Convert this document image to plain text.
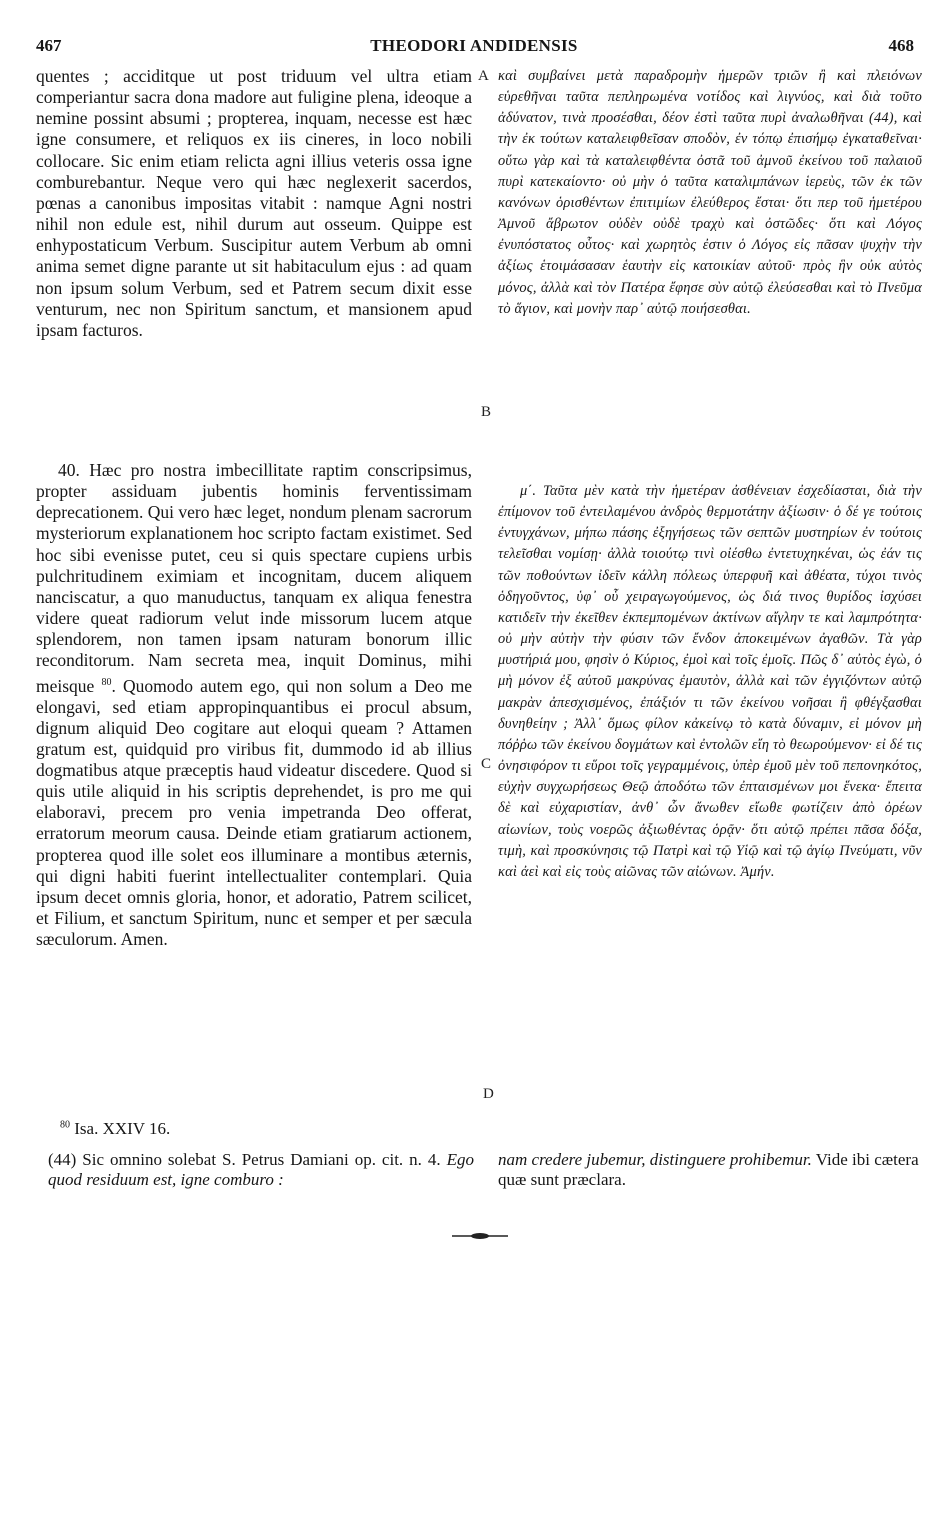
467	THEODORI ANDIDENSIS	468

quentes ; acciditque ut post triduum vel ultra etiam comperiantur sacra dona madore aut fuligine plena, ideoque a nemine possint absumi ; propterea, inquam, necesse est hæc igne consumere, et reliquos ex iis cineres, in loco nobili collocare. Sic enim etiam relicta agni illius veteris ossa igne comburebantur. Neque vero qui hæc neglexerit sacerdos, pœnas a canonibus impositas vitabit : namque Agni nostri nihil non edule est, nihil durum aut osseum. Quippe est enhypostaticum Verbum. Suscipitur autem Verbum ab omni anima semet digne parante ut sit habitaculum ejus : ad quam non ipsum solum Verbum, sed et Patrem secum dixit esse venturum, nec non Spiritum sanctum, et mansionem apud ipsam facturos.

40. Hæc pro nostra imbecillitate raptim conscripsimus, propter assiduam jubentis hominis ferventissimam deprecationem. Qui vero hæc leget, nondum plenam sacrorum mysteriorum explanationem hoc scripto factam existimet. Sed hoc sibi evenisse putet, ceu si quis spectare cupiens urbis pulchritudinem eximiam et incognitam, ducem aliquem nanciscatur, a quo manuductus, tanquam ex aliqua fenestra videre queat radiorum velut inde missorum lucem atque splendorem, non tamen ipsam naturam bonorum illic reconditorum. Nam secreta mea, inquit Dominus, mihi meisque $^{80}$. Quomodo autem ego, qui non solum a Deo me elongavi, sed etiam appropinquantibus ei procul absum, dignum aliquid Deo cogitare aut eloqui queam ? Attamen gratum est, quidquid pro viribus fit, dummodo id ab illius dogmatibus atque præceptis haud videatur discedere. Quod si quis utile aliquid in his scriptis deprehendet, is pro me qui elaboravi, precem pro venia impetranda Deo offerat, erratorum meorum causa. Deinde etiam gratiarum actionem, propterea quod ille solet eos illuminare a montibus æternis, qui digni habiti fuerint intellectualiter contemplari. Quia ipsum decet omnis gloria, honor, et adoratio, Patrem scilicet, et Filium, et sanctum Spiritum, nunc et semper et per sæcula sæculorum. Amen.

καὶ συμβαίνει μετὰ παραδρομὴν ἡμερῶν τριῶν ἢ καὶ πλειόνων εὑρεθῆναι ταῦτα πεπληρωμένα νοτίδος καὶ λιγνύος, καὶ διὰ τοῦτο ἀδύνατον, τινὰ προσέσθαι, δέον ἐστὶ ταῦτα πυρὶ ἀναλωθῆναι (44), καὶ τὴν ἐκ τούτων καταλειφθεῖσαν σποδὸν, ἐν τόπῳ ἐπισήμῳ ἐγκαταθεῖναι· οὕτω γὰρ καὶ τὰ καταλειφθέντα ὀστᾶ τοῦ ἀμνοῦ ἐκείνου τοῦ παλαιοῦ πυρὶ κατεκαίοντο· οὐ μὴν ὁ ταῦτα καταλιμπάνων ἱερεὺς, τῶν ἐκ τῶν κανόνων ὁρισθέντων ἐπιτιμίων ἐλεύθερος ἔσται· ὅτι περ τοῦ ἡμετέρου Ἀμνοῦ ἄβρωτον οὐδὲν οὐδὲ τραχὺ καὶ ὀστῶδες· ὅτι καὶ Λόγος ἐνυπόστατος οὗτος· καὶ χωρητὸς ἐστιν ὁ Λόγος εἰς πᾶσαν ψυχὴν τὴν ἀξίως ἑτοιμάσασαν ἑαυτὴν εἰς κατοικίαν αὐτοῦ· πρὸς ἣν οὐκ αὐτὸς μόνος, ἀλλὰ καὶ τὸν Πατέρα ἔφησε σὺν αὐτῷ ἐλεύσεσθαι καὶ τὸ Πνεῦμα τὸ ἅγιον, καὶ μονὴν παρ᾽ αὐτῷ ποιήσεσθαι.

μ΄. Ταῦτα μὲν κατὰ τὴν ἡμετέραν ἀσθένειαν ἐσχεδίασται, διὰ τὴν ἐπίμονον τοῦ ἐντειλαμένου ἀνδρὸς θερμοτάτην ἀξίωσιν· ὁ δέ γε τούτοις ἐντυγχάνων, μήπω πάσης ἐξηγήσεως τῶν σεπτῶν μυστηρίων ἐν τούτοις τελεῖσθαι νομίσῃ· ἀλλὰ τοιούτῳ τινὶ οἰέσθω ἐντετυχηκέναι, ὡς ἐάν τις τῶν ποθούντων ἰδεῖν κάλλη πόλεως ὑπερφυῆ καὶ ἀθέατα, τύχοι τινὸς ὁδηγοῦντος, ὑφ᾽ οὗ χειραγωγούμενος, ὡς διά τινος θυρίδος ἰσχύσει κατιδεῖν τὴν ἐκεῖθεν ἐκπεμπομένων ἀκτίνων αἴγλην τε καὶ λαμπρότητα· οὐ μὴν αὐτὴν τὴν φύσιν τῶν ἔνδον ἀποκειμένων ἀγαθῶν. Τὰ γὰρ μυστήριά μου, φησὶν ὁ Κύριος, ἐμοὶ καὶ τοῖς ἐμοῖς. Πῶς δ᾽ αὐτὸς ἐγὼ, ὁ μὴ μόνον ἐξ αὐτοῦ μακρύνας ἐμαυτὸν, ἀλλὰ καὶ τῶν ἐγγιζόντων αὐτῷ μακρὰν ἀπεσχισμένος, ἐπάξιόν τι τῶν ἐκείνου νοῆσαι ἢ φθέγξασθαι δυνηθείην ; Ἀλλ᾽ ὅμως φίλον κἀκείνῳ τὸ κατὰ δύναμιν, εἰ μόνον μὴ πόῤῥω τῶν ἐκείνου δογμάτων καὶ ἐντολῶν εἴη τὸ θεωρούμενον· εἰ δέ τις ὀνησιφόρον τι εὕροι τοῖς γεγραμμένοις, ὑπὲρ ἐμοῦ μὲν τοῦ πεπονηκότος, εὐχὴν συγχωρήσεως Θεῷ ἀποδότω τῶν ἐπταισμένων μοι ἕνεκα· ἔπειτα δὲ καὶ εὐχαριστίαν, ἀνθ᾽ ὧν ἄνωθεν εἴωθε φωτίζειν ἀπὸ ὀρέων αἰωνίων, τοὺς νοερῶς ἀξιωθέντας ὁρᾷν· ὅτι αὐτῷ πρέπει πᾶσα δόξα, τιμὴ, καὶ προσκύνησις τῷ Πατρὶ καὶ τῷ Υἱῷ καὶ τῷ ἁγίῳ Πνεύματι, νῦν καὶ ἀεὶ καὶ εἰς τοὺς αἰῶνας τῶν αἰώνων. Ἀμήν.

A
B
C
D
$^{80}$ Isa. XXIV 16.
(44) Sic omnino solebat S. Petrus Damiani op. cit. n. 4. Ego quod residuum est, igne comburo :
nam credere jubemur, distinguere prohibemur. Vide ibi cætera quæ sunt præclara.
